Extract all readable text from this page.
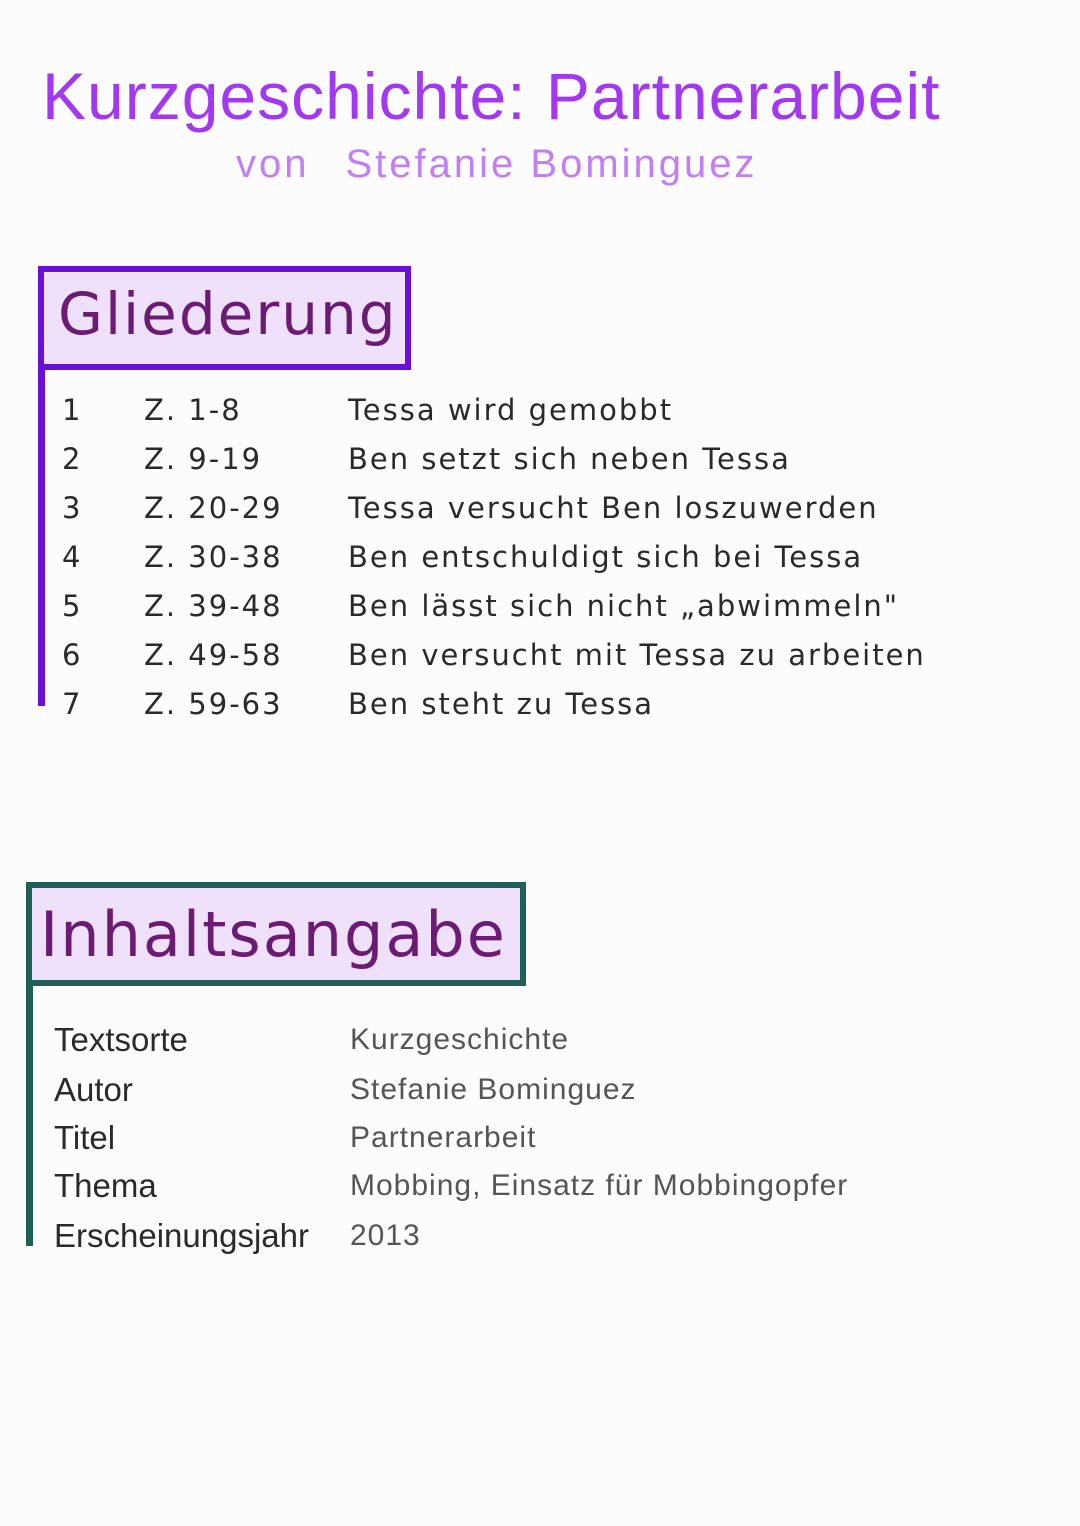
Kurzgeschichte: Partnerarbeit
von Stefanie Bominguez
Gliederung
1 Z. 1-8	Tessa wird gemobbt
2 Z. 9-19	Ben setzt sich neben Tessa
3 Z. 20-29 Tessa versucht Ben loszuwerden
4 Z. 30-38 Ben entschuldigt sich bei Tessa
5 Z. 39-48 Ben lässt sich nicht „abwimmeln"
6 Z. 49-58 Ben versucht mit Tessa zu arbeiten
7 Z. 59-63 Ben steht zu Tessa
Inhaltsangabe
Textsorte	Kurzgeschichte
Autor	Stefanie Bominguez
Titel	Partnerarbeit
Thema	Mobbing, Einsatz für Mobbingopfer
Erscheinungsjahr 2013
